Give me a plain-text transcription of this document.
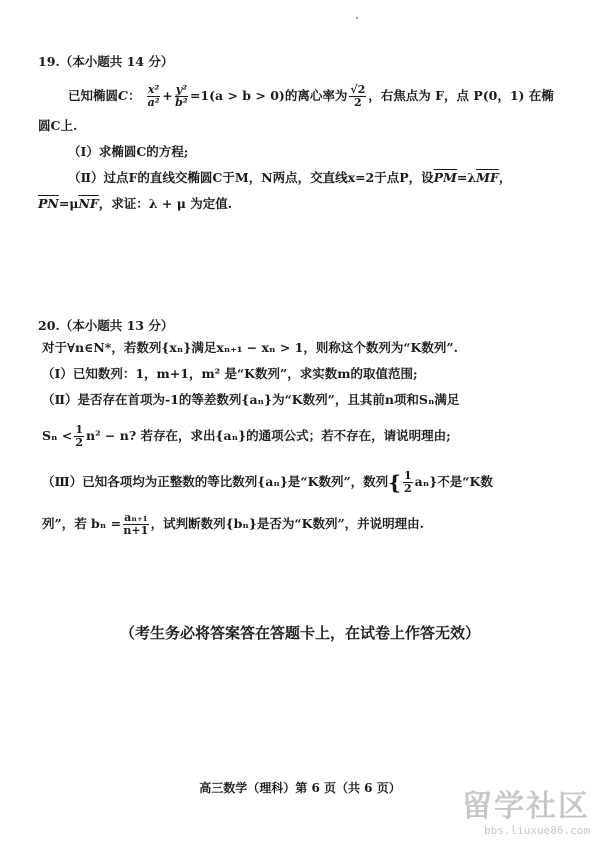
19.（本小题共 14 分）
已知椭圆C： $\frac{\text{x²}}{\text{a²}} + \frac{\text{y²}}{\text{b²}} =1(a > b > 0)$的离心率为 $\frac{√2}{2}$ ，右焦点为 F，点 P(0，1) 在椭
圆C上.
（Ⅰ）求椭圆C的方程;
（Ⅱ）过点F的直线交椭圆C于M，N两点，交直线x=2于点P，设$\overline{PM}=\lambda\overline{MF}$，
$\overline{PN}=\mu\overline{NF}$，求证：λ + μ 为定值.
20.（本小题共 13 分）
对于∀n∈N*，若数列{xₙ}满足xₙ₊₁ − xₙ > 1，则称这个数列为“K数列”.
（Ⅰ）已知数列：1，m+1，m² 是“K数列”，求实数m的取值范围;
（Ⅱ）是否存在首项为-1的等差数列{aₙ}为“K数列”，且其前n项和Sₙ满足
$S_n < \frac{1}{2} n^2 - n$? 若存在，求出{aₙ}的通项公式；若不存在，请说明理由;
（Ⅲ）已知各项均为正整数的等比数列{aₙ}是“K数列”，数列{ $\frac{1}{2} a_n$}不是“K数
列”，若 $b_n = \frac{\text{aₙ₊₁}}{n+1}$ ，试判断数列{bₙ}是否为“K数列”，并说明理由.
（考生务必将答案答在答题卡上，在试卷上作答无效）
高三数学（理科）第 6 页（共 6 页）
留学社区
bbs.liuxue86.com
